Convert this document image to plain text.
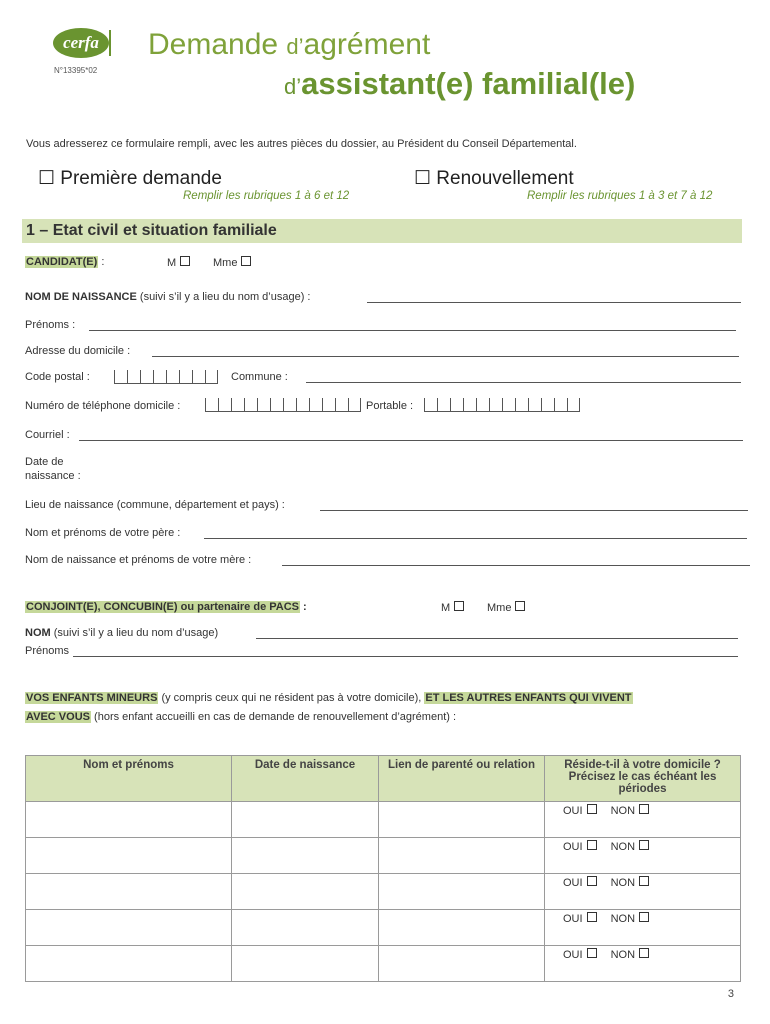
cerfa
N°13395*02
Demande d’agrément
d’assistant(e) familial(le)
Vous adresserez ce formulaire rempli, avec les autres pièces du dossier, au Président du Conseil Départemental.
☐ Première demande
Remplir les rubriques 1 à 6 et 12
☐ Renouvellement
Remplir les rubriques 1 à 3 et 7 à 12
1 – Etat civil et situation familiale
CANDIDAT(E) :	M	Mme
NOM DE NAISSANCE (suivi s’il y a lieu du nom d’usage) :
Prénoms :
Adresse du domicile :
Code postal :	Commune :
Numéro de téléphone domicile :	Portable :
Courriel :
Date de
naissance :
Lieu de naissance (commune, département et pays) :
Nom et prénoms de votre père :
Nom de naissance et prénoms de votre mère :
CONJOINT(E), CONCUBIN(E) ou partenaire de PACS :	M	Mme
NOM (suivi s’il y a lieu du nom d’usage)
Prénoms
VOS ENFANTS MINEURS (y compris ceux qui ne résident pas à votre domicile), ET LES AUTRES ENFANTS QUI VIVENT
AVEC VOUS (hors enfant accueilli en cas de demande de renouvellement d’agrément) :
Nom et prénoms	Date de naissance	Lien de parenté ou relation	Réside-t-il à votre domicile ? Précisez le cas échéant les périodes
			OUI NON
			OUI NON
			OUI NON
			OUI NON
			OUI NON
3
